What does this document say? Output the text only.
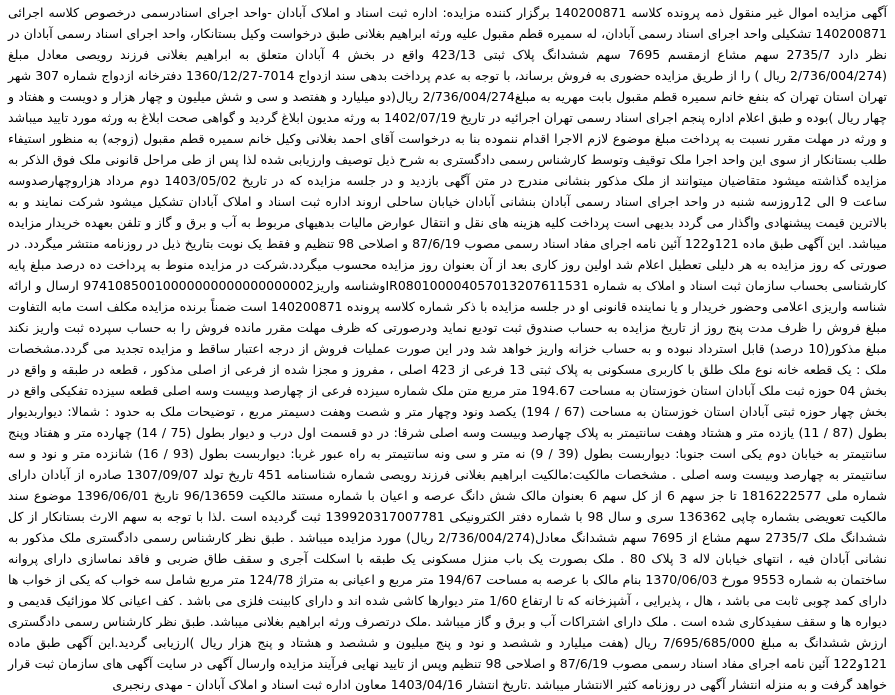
آگهی مزایده اموال غیر منقول ذمه پرونده کلاسه 140200871 برگزار کننده مزایده: اداره ثبت اسناد و املاک آبادان -واحد اجرای اسنادرسمی درخصوص کلاسه اجرائی 140200871 تشکیلی واحد اجرای اسناد رسمی آبادان، له سمیره قطم مقبول علیه ورثه ابراهیم بغلانی طبق درخواست وکیل بستانکار، واحد اجرای اسناد رسمی آبادان در نظر دارد 2735/7 سهم مشاع ازمقسم 7695 سهم ششدانگ پلاک ثبتی 423/13 واقع در بخش 4 آبادان متعلق به ابراهیم بغلانی فرزند رویصی معادل مبلغ (2/736/004/274 ریال ) را از طریق مزایده حضوری به فروش برساند، با توجه به عدم پرداخت بدهی سند ازدواج 7014-1360/12/27 دفترخانه ازدواج شماره 307 شهر تهران استان تهران که بنفع خانم سمیره قطم مقبول بابت مهریه به مبلغ2/736/004/274 ریال(دو میلیارد و هفتصد و سی و شش میلیون و چهار هزار و دویست و هفتاد و چهار ریال )بوده و طبق اعلام اداره پنجم اجرای اسناد رسمی تهران اجرائیه در تاریخ 1402/07/19 به ورثه مدیون ابلاغ گردید و گواهی صحت ابلاغ به ورثه مورد تایید میباشد و ورثه در مهلت مقرر نسبت به پرداخت مبلغ موضوع لازم الاجرا اقدام ننموده بنا به درخواست آقای احمد بغلانی وکیل خانم سمیره قطم مقبول (زوجه) به منظور استیفاء طلب بستانکار از سوی این واحد اجرا ملک توقیف وتوسط کارشناس رسمی دادگستری به شرح ذیل توصیف وارزیابی شده لذا پس از طی مراحل قانونی ملک فوق الذکر به مزایده گذاشته میشود متقاضیان میتوانند از ملک مذکور بنشانی مندرج در متن آگهی بازدید و در جلسه مزایده که در تاریخ 1403/05/02 دوم مرداد هزاروچهارصدوسه ساعت 9 الی 12روزسه شنبه در واحد اجرای اسناد رسمی آبادان بنشانی آبادان خیابان ساحلی اروند اداره ثبت اسناد و املاک آبادان تشکیل میشود شرکت نمایند و به بالاترین قیمت پیشنهادی واگذار می گردد بدیهی است پرداخت کلیه هزینه های نقل و انتقال عوارض مالیات بدهیهای مربوط به آب و برق و گاز و تلفن بعهده خریدار مزایده میباشد. این آگهی طبق ماده 121و122 آئین نامه اجرای مفاد اسناد رسمی مصوب 87/6/19 و اصلاحی 98 تنظیم و فقط یک نوبت بتاریخ ذیل در روزنامه منتشر میگردد. در صورتی که روز مزایده به هر دلیلی تعطیل اعلام شد اولین روز کاری بعد از آن بعنوان روز مزایده محسوب میگردد.شرکت در مزایده منوط به پرداخت ده درصد مبلغ پایه کارشناسی بحساب سازمان ثبت اسناد و املاک به شماره IR080100004057013207611531وشناسه واریز97410850010000000000000000002 ارسال و ارائه شناسه واریزی اعلامی وحضور خریدار و یا نماینده قانونی او در جلسه مزایده با ذکر شماره کلاسه پرونده 140200871 است ضمناً برنده مزایده مکلف است مابه التفاوت مبلغ فروش را ظرف مدت پنج روز از تاریخ مزایده به حساب صندوق ثبت تودیع نماید ودرصورتی که ظرف مهلت مقرر مانده فروش را به حساب سپرده ثبت واریز نکند مبلغ مذکور(10 درصد) قابل استرداد نبوده و به حساب خزانه واریز خواهد شد ودر این صورت عملیات فروش از درجه اعتبار ساقط و مزایده تجدید می گردد.مشخصات ملک : یک قطعه خانه نوع ملک طلق با کاربری مسکونی به پلاک ثبتی 13 فرعی از 423 اصلی ، مفروز و مجزا شده از فرعی از اصلی مذکور ، قطعه در طبقه و واقع در بخش 04 حوزه ثبت ملک آبادان استان خوزستان به مساحت 194.67 متر مربع متن ملک شماره سیزده فرعی از چهارصد وبیست وسه اصلی قطعه سیزده تفکیکی واقع در بخش چهار حوزه ثبتی آبادان استان خوزستان به مساحت (67 / 194) یکصد ونود وچهار متر و شصت وهفت دسیمتر مربع ، توضیحات ملک به حدود : شمالا: دیواربدیوار بطول (87 / 11) یازده متر و هشتاد وهفت سانتیمتر به پلاک چهارصد وبیست وسه اصلی شرقا: در دو قسمت اول درب و دیوار بطول (75 / 14) چهارده متر و هفتاد وپنج سانتیمتر به خیابان دوم یکی است جنوبا: دیواربست بطول (39 / 9) نه متر و سی ونه سانتیمتر به راه عبور غربا: دیواربست بطول (93 / 16) شانزده متر و نود و سه سانتیمتر به چهارصد وبیست وسه اصلی . مشخصات مالکیت:مالکیت ابراهیم بغلانی فرزند رویصی شماره شناسنامه 451 تاریخ تولد 1307/09/07 صادره از آبادان دارای شماره ملی 1816222577 تا جز سهم 6 از کل سهم 6 بعنوان مالک شش دانگ عرصه و اعیان با شماره مستند مالکیت 96/13659 تاریخ 1396/06/01 موضوع سند مالکیت تعویضی بشماره چاپی 136362 سری و سال 98 با شماره دفتر الکترونیکی 139920317007781 ثبت گردیده است .لذا با توجه به سهم الارث بستانکار از کل ششدانگ ملک 2735/7 سهم مشاع از 7695 سهم ششدانگ معادل(2/736/004/274 ریال) مورد مزایده میباشد . طبق نظر کارشناس رسمی دادگستری ملک مذکور به نشانی آبادان فیه ، انتهای خیابان لاله 3 پلاک 80 . ملک بصورت یک باب منزل مسکونی یک طبقه با اسکلت آجری و سقف طاق ضربی و فاقد نماسازی دارای پروانه ساختمان به شماره 9553 مورخ 1370/06/03 بنام مالک با عرصه به مساحت 194/67 متر مربع و اعیانی به متراژ 124/78 متر مربع شامل سه خواب که یکی از خواب ها دارای کمد چوبی ثابت می باشد ، هال ، پذیرایی ، آشپزخانه که تا ارتفاع 1/60 متر دیوارها کاشی شده اند و دارای کابینت فلزی می باشد . کف اعیانی کلا موزائیک قدیمی و دیواره ها و سقف سفیدکاری شده است . ملک دارای اشتراکات آب و برق و گاز میباشد .ملک درتصرف ورثه ابراهیم بغلانی میباشد. طبق نظر کارشناس رسمی دادگستری ارزش ششدانگ به مبلغ 7/695/685/000 ریال (هفت میلیارد و ششصد و نود و پنج میلیون و ششصد و هشتاد و پنج هزار ریال )ارزیابی گردید.این آگهی طبق ماده 121و122 آئین نامه اجرای مفاد اسناد رسمی مصوب 87/6/19 و اصلاحی 98 تنظیم وپس از تایید نهایی فرآیند مزایده وارسال آگهی در سایت آگهی های سازمان ثبت قرار خواهد گرفت و به منزله انتشار آگهی در روزنامه کثیر الانتشار میباشد .تاریخ انتشار 1403/04/16 معاون اداره ثبت اسناد و املاک آبادان - مهدی رنجبری
